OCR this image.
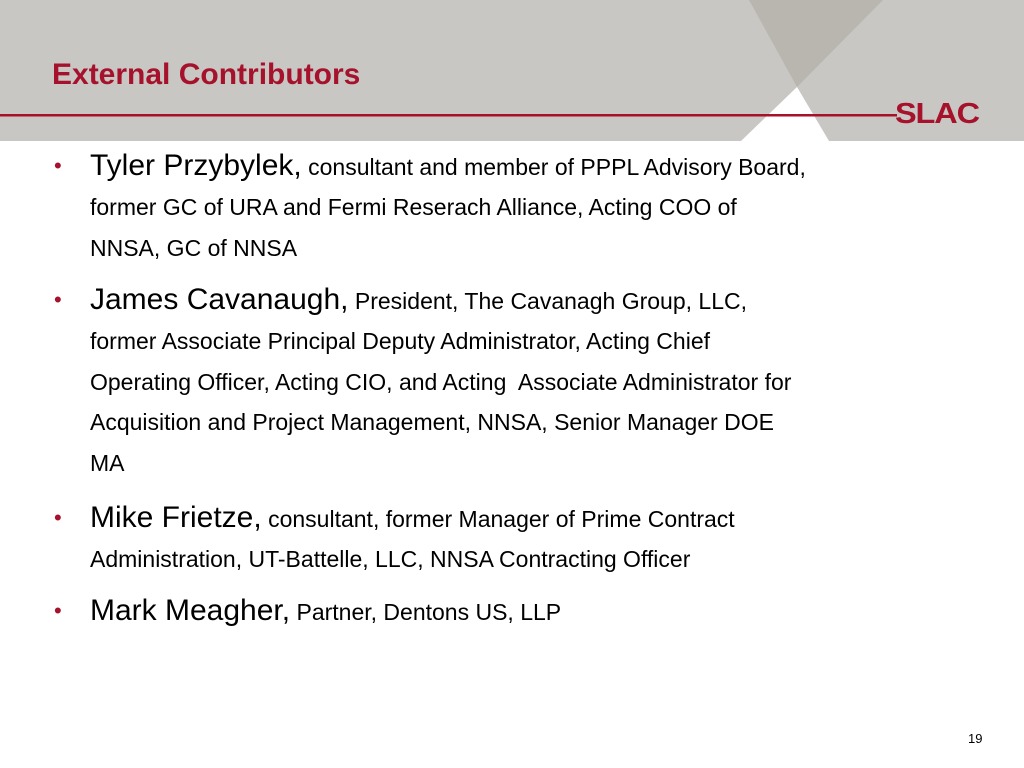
External Contributors
SLAC
• Tyler Przybylek, consultant and member of PPPL Advisory Board,
former GC of URA and Fermi Reserach Alliance, Acting COO of
NNSA, GC of NNSA
• James Cavanaugh, President, The Cavanagh Group, LLC,
former Associate Principal Deputy Administrator, Acting Chief
Operating Officer, Acting CIO, and Acting  Associate Administrator for
Acquisition and Project Management, NNSA, Senior Manager DOE
MA
• Mike Frietze, consultant, former Manager of Prime Contract
Administration, UT-Battelle, LLC, NNSA Contracting Officer
• Mark Meagher, Partner, Dentons US, LLP
19
